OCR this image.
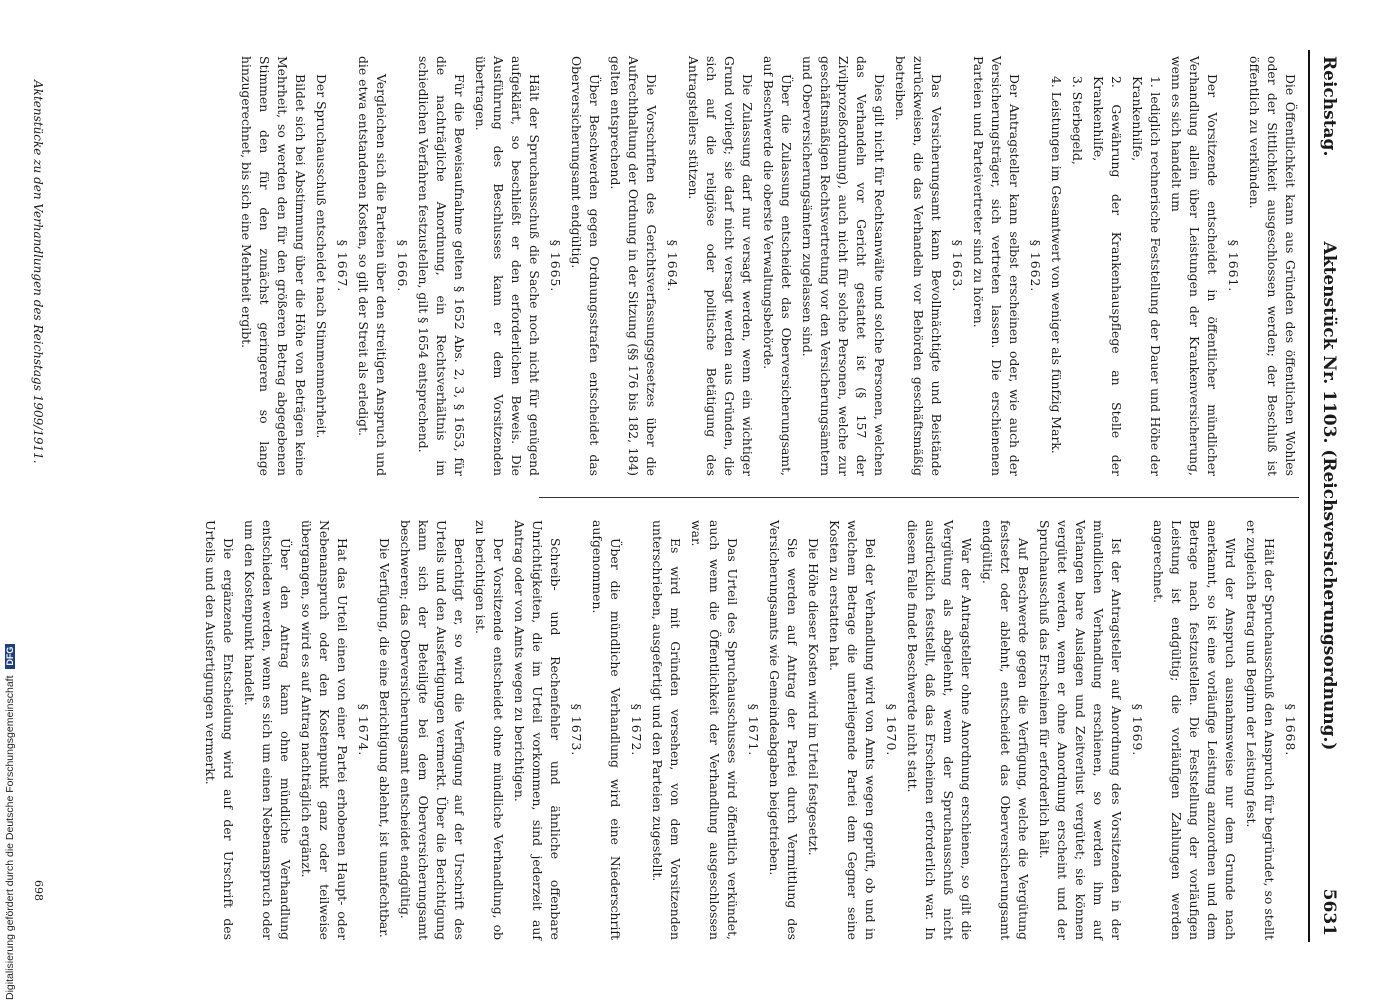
Reichstag.
Aktenstück Nr. 1103. (Reichsversicherungsordnung.)
5631

Die Öffentlichkeit kann aus Gründen des öffentlichen Wohles oder der Sittlichkeit ausgeschlossen werden; der Beschluß ist öffentlich zu verkünden.

§ 1661.

Der Vorsitzende entscheidet in öffentlicher mündlicher Verhandlung allein über Leistungen der Krankenversicherung, wenn es sich handelt um

1. lediglich rechnerische Feststellung der Dauer und Höhe der Krankenhilfe,

2. Gewährung der Krankenhauspflege an Stelle der Krankenhilfe,

3. Sterbegeld,

4. Leistungen im Gesamtwert von weniger als fünfzig Mark.

§ 1662.

Der Antragsteller kann selbst erscheinen oder, wie auch der Versicherungsträger, sich vertreten lassen. Die erschienenen Parteien und Parteivertreter sind zu hören.

§ 1663.

Das Versicherungsamt kann Bevollmächtigte und Beistände zurückweisen, die das Verhandeln vor Behörden geschäftsmäßig betreiben.

Dies gilt nicht für Rechtsanwälte und solche Personen, welchen das Verhandeln vor Gericht gestattet ist (§ 157 der Zivilprozeßordnung), auch nicht für solche Personen, welche zur geschäftsmäßigen Rechtsvertretung vor den Versicherungsämtern und Oberversicherungsämtern zugelassen sind.

Über die Zulassung entscheidet das Oberversicherungsamt, auf Beschwerde die oberste Verwaltungsbehörde.

Die Zulassung darf nur versagt werden, wenn ein wichtiger Grund vorliegt; sie darf nicht versagt werden aus Gründen, die sich auf die religiöse oder politische Betätigung des Antragstellers stützen.

§ 1664.

Die Vorschriften des Gerichtsverfassungsgesetzes über die Aufrechthaltung der Ordnung in der Sitzung (§§ 176 bis 182, 184) gelten entsprechend.

Über Beschwerden gegen Ordnungsstrafen entscheidet das Oberversicherungsamt endgültig.

§ 1665.

Hält der Spruchausschuß die Sache noch nicht für genügend aufgeklärt, so beschließt er den erforderlichen Beweis. Die Ausführung des Beschlusses kann er dem Vorsitzenden übertragen.

Für die Beweisaufnahme gelten § 1652 Abs. 2, 3, § 1653, für die nachträgliche Anordnung, ein Rechtsverhältnis im schiedlichen Verfahren festzustellen, gilt § 1654 entsprechend.

§ 1666.

Vergleichen sich die Parteien über den streitigen Anspruch und die etwa entstandenen Kosten, so gilt der Streit als erledigt.

§ 1667.

Der Spruchausschuß entscheidet nach Stimmenmehrheit.

Bildet sich bei Abstimmung über die Höhe von Beträgen keine Mehrheit, so werden den für den größeren Betrag abgegebenen Stimmen den für den zunächst geringeren so lange hinzugerechnet, bis sich eine Mehrheit ergibt.

§ 1668.

Hält der Spruchausschuß den Anspruch für begründet, so stellt er zugleich Betrag und Beginn der Leistung fest.

Wird der Anspruch ausnahmsweise nur dem Grunde nach anerkannt, so ist eine vorläufige Leistung anzuordnen und dem Betrage nach festzustellen. Die Feststellung der vorläufigen Leistung ist endgültig; die vorläufigen Zahlungen werden angerechnet.

§ 1669.

Ist der Antragsteller auf Anordnung des Vorsitzenden in der mündlichen Verhandlung erschienen, so werden ihm auf Verlangen bare Auslagen und Zeitverlust vergütet; sie können vergütet werden, wenn er ohne Anordnung erscheint und der Spruchausschuß das Erscheinen für erforderlich hält.

Auf Beschwerde gegen die Verfügung, welche die Vergütung festsetzt oder ablehnt, entscheidet das Oberversicherungsamt endgültig.

War der Antragsteller ohne Anordnung erschienen, so gilt die Vergütung als abgelehnt, wenn der Spruchausschuß nicht ausdrücklich feststellt, daß das Erscheinen erforderlich war. In diesem Falle findet Beschwerde nicht statt.

§ 1670.

Bei der Verhandlung wird von Amts wegen geprüft, ob und in welchem Betrage die unterliegende Partei dem Gegner seine Kosten zu erstatten hat.

Die Höhe dieser Kosten wird im Urteil festgesetzt.

Sie werden auf Antrag der Partei durch Vermittlung des Versicherungsamts wie Gemeindeabgaben beigetrieben.

§ 1671.

Das Urteil des Spruchausschusses wird öffentlich verkündet, auch wenn die Öffentlichkeit der Verhandlung ausgeschlossen war.

Es wird mit Gründen versehen, von dem Vorsitzenden unterschrieben, ausgefertigt und den Parteien zugestellt.

§ 1672.

Über die mündliche Verhandlung wird eine Niederschrift aufgenommen.

§ 1673.

Schreib- und Rechenfehler und ähnliche offenbare Unrichtigkeiten, die im Urteil vorkommen, sind jederzeit auf Antrag oder von Amts wegen zu berichtigen.

Der Vorsitzende entscheidet ohne mündliche Verhandlung, ob zu berichtigen ist.

Berichtigt er, so wird die Verfügung auf der Urschrift des Urteils und den Ausfertigungen vermerkt. Über die Berichtigung kann sich der Beteiligte bei dem Oberversicherungsamt beschweren; das Oberversicherungsamt entscheidet endgültig.

Die Verfügung, die eine Berichtigung ablehnt, ist unanfechtbar.

§ 1674.

Hat das Urteil einen von einer Partei erhobenen Haupt- oder Nebenanspruch oder den Kostenpunkt ganz oder teilweise übergangen, so wird es auf Antrag nachträglich ergänzt.

Über den Antrag kann ohne mündliche Verhandlung entschieden werden, wenn es sich um einen Nebenanspruch oder um den Kostenpunkt handelt.

Die ergänzende Entscheidung wird auf der Urschrift des Urteils und den Ausfertigungen vermerkt.

Aktenstücke zu den Verhandlungen des Reichstags 1909/1911.
698
Digitalisierung gefördert durch die Deutsche Forschungsgemeinschaft DFG
